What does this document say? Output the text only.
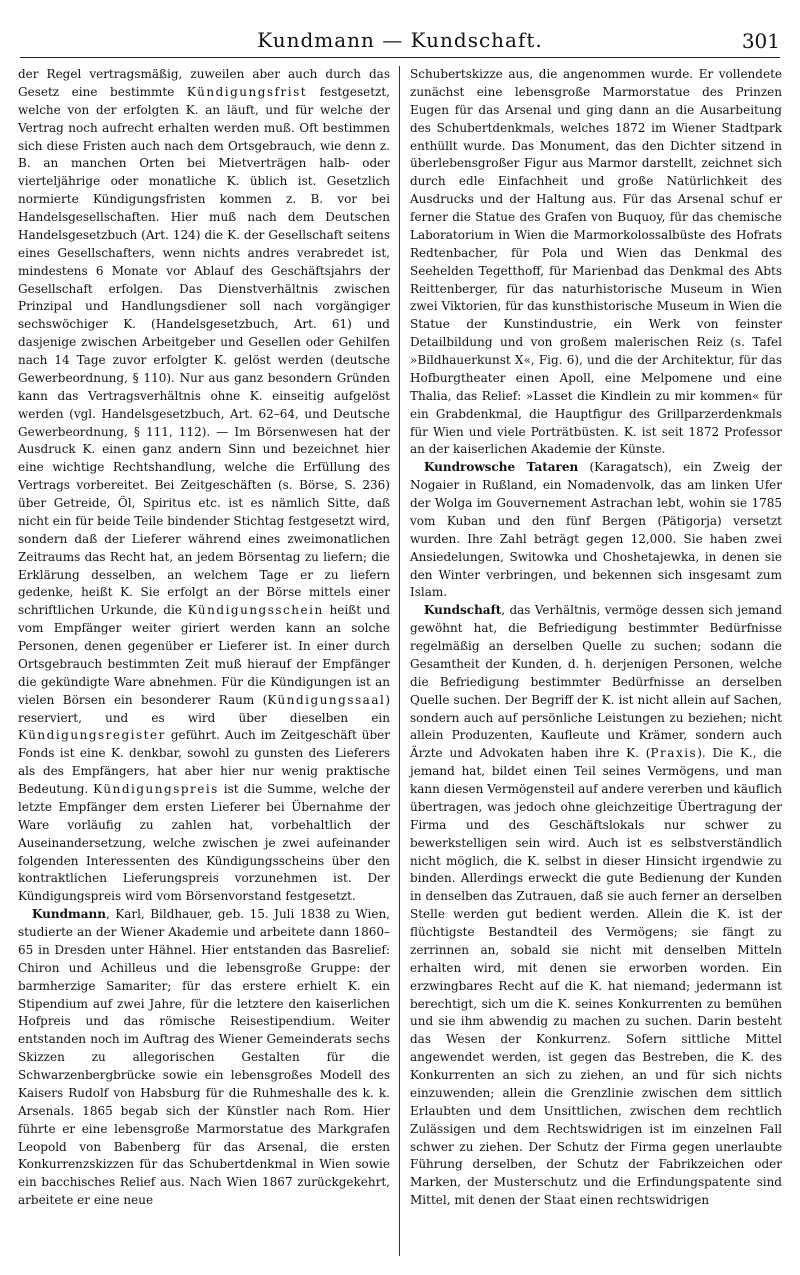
Kundmann — Kundschaft.	301

der Regel vertragsmäßig, zuweilen aber auch durch das Gesetz eine bestimmte Kündigungsfrist festgesetzt, welche von der erfolgten K. an läuft, und für welche der Vertrag noch aufrecht erhalten werden muß. Oft bestimmen sich diese Fristen auch nach dem Ortsgebrauch, wie denn z. B. an manchen Orten bei Mietverträgen halb- oder vierteljährige oder monatliche K. üblich ist. Gesetzlich normierte Kündigungsfristen kommen z. B. vor bei Handelsgesellschaften. Hier muß nach dem Deutschen Handelsgesetzbuch (Art. 124) die K. der Gesellschaft seitens eines Gesellschafters, wenn nichts andres verabredet ist, mindestens 6 Monate vor Ablauf des Geschäftsjahrs der Gesellschaft erfolgen. Das Dienstverhältnis zwischen Prinzipal und Handlungsdiener soll nach vorgängiger sechswöchiger K. (Handelsgesetzbuch, Art. 61) und dasjenige zwischen Arbeitgeber und Gesellen oder Gehilfen nach 14 Tage zuvor erfolgter K. gelöst werden (deutsche Gewerbeordnung, § 110). Nur aus ganz besondern Gründen kann das Vertragsverhältnis ohne K. einseitig aufgelöst werden (vgl. Handelsgesetzbuch, Art. 62–64, und Deutsche Gewerbeordnung, § 111, 112). — Im Börsenwesen hat der Ausdruck K. einen ganz andern Sinn und bezeichnet hier eine wichtige Rechtshandlung, welche die Erfüllung des Vertrags vorbereitet. Bei Zeitgeschäften (s. Börse, S. 236) über Getreide, Öl, Spiritus etc. ist es nämlich Sitte, daß nicht ein für beide Teile bindender Stichtag festgesetzt wird, sondern daß der Lieferer während eines zweimonatlichen Zeitraums das Recht hat, an jedem Börsentag zu liefern; die Erklärung desselben, an welchem Tage er zu liefern gedenke, heißt K. Sie erfolgt an der Börse mittels einer schriftlichen Urkunde, die Kündigungsschein heißt und vom Empfänger weiter giriert werden kann an solche Personen, denen gegenüber er Lieferer ist. In einer durch Ortsgebrauch bestimmten Zeit muß hierauf der Empfänger die gekündigte Ware abnehmen. Für die Kündigungen ist an vielen Börsen ein besonderer Raum (Kündigungssaal) reserviert, und es wird über dieselben ein Kündigungsregister geführt. Auch im Zeitgeschäft über Fonds ist eine K. denkbar, sowohl zu gunsten des Lieferers als des Empfängers, hat aber hier nur wenig praktische Bedeutung. Kündigungspreis ist die Summe, welche der letzte Empfänger dem ersten Lieferer bei Übernahme der Ware vorläufig zu zahlen hat, vorbehaltlich der Auseinandersetzung, welche zwischen je zwei aufeinander folgenden Interessenten des Kündigungsscheins über den kontraktlichen Lieferungspreis vorzunehmen ist. Der Kündigungspreis wird vom Börsenvorstand festgesetzt.

Kundmann, Karl, Bildhauer, geb. 15. Juli 1838 zu Wien, studierte an der Wiener Akademie und arbeitete dann 1860–65 in Dresden unter Hähnel. Hier entstanden das Basrelief: Chiron und Achilleus und die lebensgroße Gruppe: der barmherzige Samariter; für das erstere erhielt K. ein Stipendium auf zwei Jahre, für die letztere den kaiserlichen Hofpreis und das römische Reisestipendium. Weiter entstanden noch im Auftrag des Wiener Gemeinderats sechs Skizzen zu allegorischen Gestalten für die Schwarzenbergbrücke sowie ein lebensgroßes Modell des Kaisers Rudolf von Habsburg für die Ruhmeshalle des k. k. Arsenals. 1865 begab sich der Künstler nach Rom. Hier führte er eine lebensgroße Marmorstatue des Markgrafen Leopold von Babenberg für das Arsenal, die ersten Konkurrenzskizzen für das Schubertdenkmal in Wien sowie ein bacchisches Relief aus. Nach Wien 1867 zurückgekehrt, arbeitete er eine neue

Schubertskizze aus, die angenommen wurde. Er vollendete zunächst eine lebensgroße Marmorstatue des Prinzen Eugen für das Arsenal und ging dann an die Ausarbeitung des Schubertdenkmals, welches 1872 im Wiener Stadtpark enthüllt wurde. Das Monument, das den Dichter sitzend in überlebensgroßer Figur aus Marmor darstellt, zeichnet sich durch edle Einfachheit und große Natürlichkeit des Ausdrucks und der Haltung aus. Für das Arsenal schuf er ferner die Statue des Grafen von Buquoy, für das chemische Laboratorium in Wien die Marmorkolossalbüste des Hofrats Redtenbacher, für Pola und Wien das Denkmal des Seehelden Tegetthoff, für Marienbad das Denkmal des Abts Reittenberger, für das naturhistorische Museum in Wien zwei Viktorien, für das kunsthistorische Museum in Wien die Statue der Kunstindustrie, ein Werk von feinster Detailbildung und von großem malerischen Reiz (s. Tafel »Bildhauerkunst X«, Fig. 6), und die der Architektur, für das Hofburgtheater einen Apoll, eine Melpomene und eine Thalia, das Relief: »Lasset die Kindlein zu mir kommen« für ein Grabdenkmal, die Hauptfigur des Grillparzerdenkmals für Wien und viele Porträtbüsten. K. ist seit 1872 Professor an der kaiserlichen Akademie der Künste.

Kundrowsche Tataren (Karagatsch), ein Zweig der Nogaier in Rußland, ein Nomadenvolk, das am linken Ufer der Wolga im Gouvernement Astrachan lebt, wohin sie 1785 vom Kuban und den fünf Bergen (Pätigorja) versetzt wurden. Ihre Zahl beträgt gegen 12,000. Sie haben zwei Ansiedelungen, Switowka und Choshetajewka, in denen sie den Winter verbringen, und bekennen sich insgesamt zum Islam.

Kundschaft, das Verhältnis, vermöge dessen sich jemand gewöhnt hat, die Befriedigung bestimmter Bedürfnisse regelmäßig an derselben Quelle zu suchen; sodann die Gesamtheit der Kunden, d. h. derjenigen Personen, welche die Befriedigung bestimmter Bedürfnisse an derselben Quelle suchen. Der Begriff der K. ist nicht allein auf Sachen, sondern auch auf persönliche Leistungen zu beziehen; nicht allein Produzenten, Kaufleute und Krämer, sondern auch Ärzte und Advokaten haben ihre K. (Praxis). Die K., die jemand hat, bildet einen Teil seines Vermögens, und man kann diesen Vermögensteil auf andere vererben und käuflich übertragen, was jedoch ohne gleichzeitige Übertragung der Firma und des Geschäftslokals nur schwer zu bewerkstelligen sein wird. Auch ist es selbstverständlich nicht möglich, die K. selbst in dieser Hinsicht irgendwie zu binden. Allerdings erweckt die gute Bedienung der Kunden in denselben das Zutrauen, daß sie auch ferner an derselben Stelle werden gut bedient werden. Allein die K. ist der flüchtigste Bestandteil des Vermögens; sie fängt zu zerrinnen an, sobald sie nicht mit denselben Mitteln erhalten wird, mit denen sie erworben worden. Ein erzwingbares Recht auf die K. hat niemand; jedermann ist berechtigt, sich um die K. seines Konkurrenten zu bemühen und sie ihm abwendig zu machen zu suchen. Darin besteht das Wesen der Konkurrenz. Sofern sittliche Mittel angewendet werden, ist gegen das Bestreben, die K. des Konkurrenten an sich zu ziehen, an und für sich nichts einzuwenden; allein die Grenzlinie zwischen dem sittlich Erlaubten und dem Unsittlichen, zwischen dem rechtlich Zulässigen und dem Rechtswidrigen ist im einzelnen Fall schwer zu ziehen. Der Schutz der Firma gegen unerlaubte Führung derselben, der Schutz der Fabrikzeichen oder Marken, der Musterschutz und die Erfindungspatente sind Mittel, mit denen der Staat einen rechtswidrigen
